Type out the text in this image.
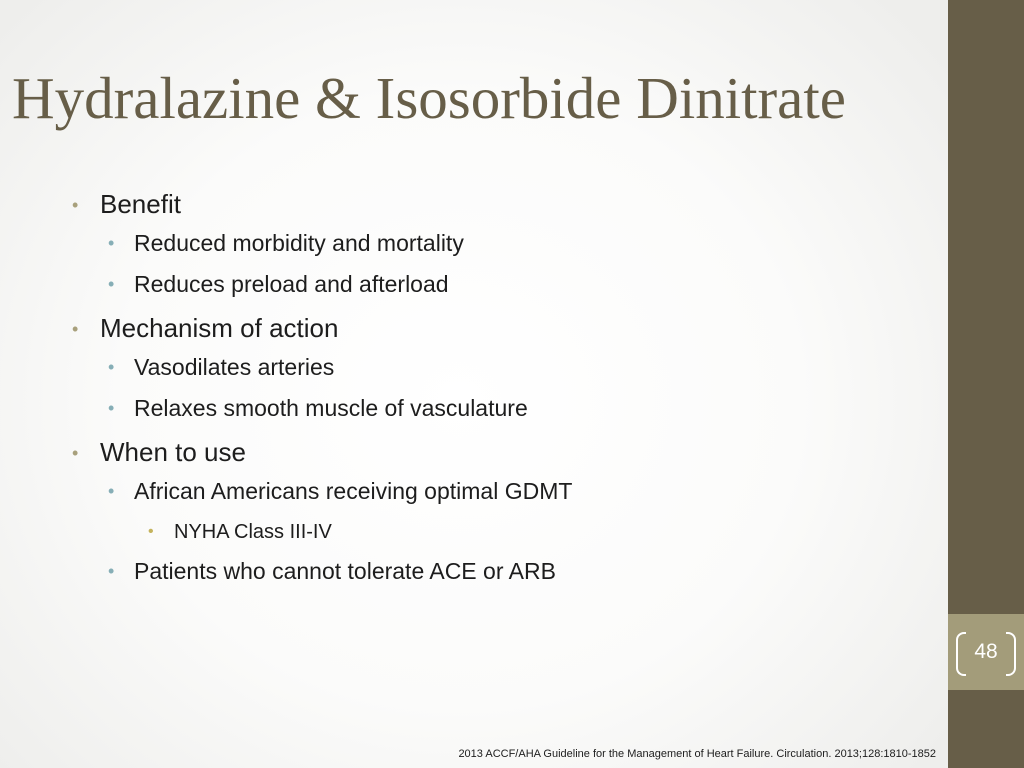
Hydralazine & Isosorbide Dinitrate
• Benefit
• Reduced morbidity and mortality
• Reduces preload and afterload
• Mechanism of action
• Vasodilates arteries
• Relaxes smooth muscle of vasculature
• When to use
• African Americans receiving optimal GDMT
• NYHA Class III-IV
• Patients who cannot tolerate ACE or ARB
2013 ACCF/AHA Guideline for the Management of Heart Failure. Circulation. 2013;128:1810-1852
48
